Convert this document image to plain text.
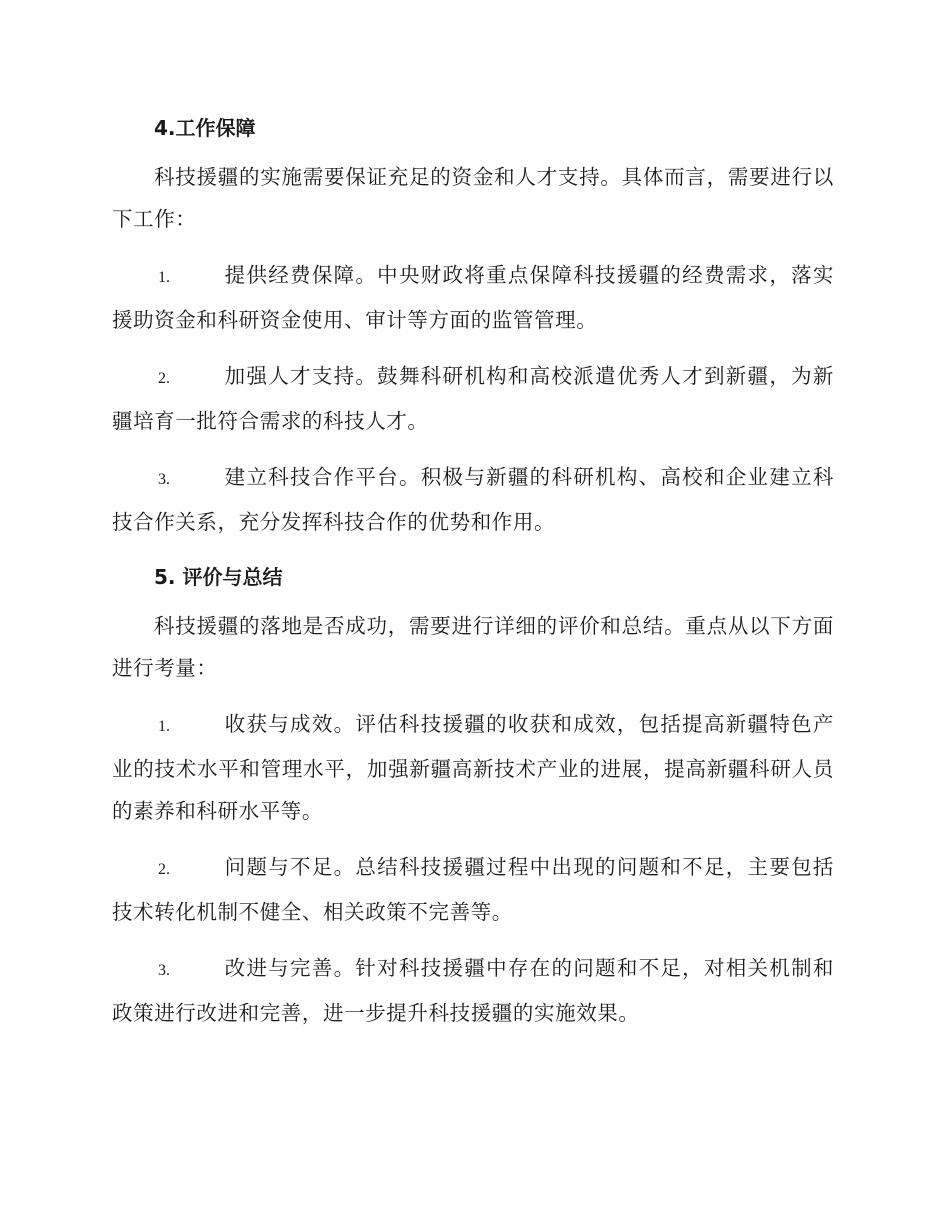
4.工作保障

科技援疆的实施需要保证充足的资金和人才支持。具体而言，需要进行以下工作：

1.	提供经费保障。中央财政将重点保障科技援疆的经费需求，落实援助资金和科研资金使用、审计等方面的监管管理。

2.	加强人才支持。鼓舞科研机构和高校派遣优秀人才到新疆，为新疆培育一批符合需求的科技人才。

3.	建立科技合作平台。积极与新疆的科研机构、高校和企业建立科技合作关系，充分发挥科技合作的优势和作用。

5. 评价与总结

科技援疆的落地是否成功，需要进行详细的评价和总结。重点从以下方面进行考量：

1.	收获与成效。评估科技援疆的收获和成效，包括提高新疆特色产业的技术水平和管理水平，加强新疆高新技术产业的进展，提高新疆科研人员的素养和科研水平等。

2.	问题与不足。总结科技援疆过程中出现的问题和不足，主要包括技术转化机制不健全、相关政策不完善等。

3.	改进与完善。针对科技援疆中存在的问题和不足，对相关机制和政策进行改进和完善，进一步提升科技援疆的实施效果。
